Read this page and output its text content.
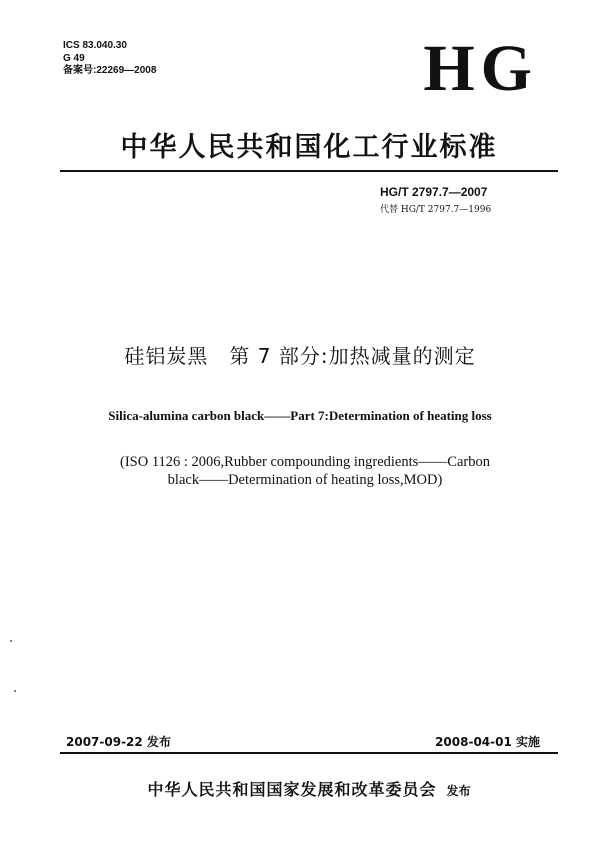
ICS 83.040.30
G 49
备案号:22269—2008	HG
中华人民共和国化工行业标准
HG/T 2797.7—2007
代替 HG/T 2797.7—1996
硅铝炭黑　第 7 部分:加热减量的测定
Silica-alumina carbon black——Part 7:Determination of heating loss
(ISO 1126 : 2006,Rubber compounding ingredients——Carbon
black——Determination of heating loss,MOD)
2007-09-22 发布	2008-04-01 实施
中华人民共和国国家发展和改革委员会 发布
